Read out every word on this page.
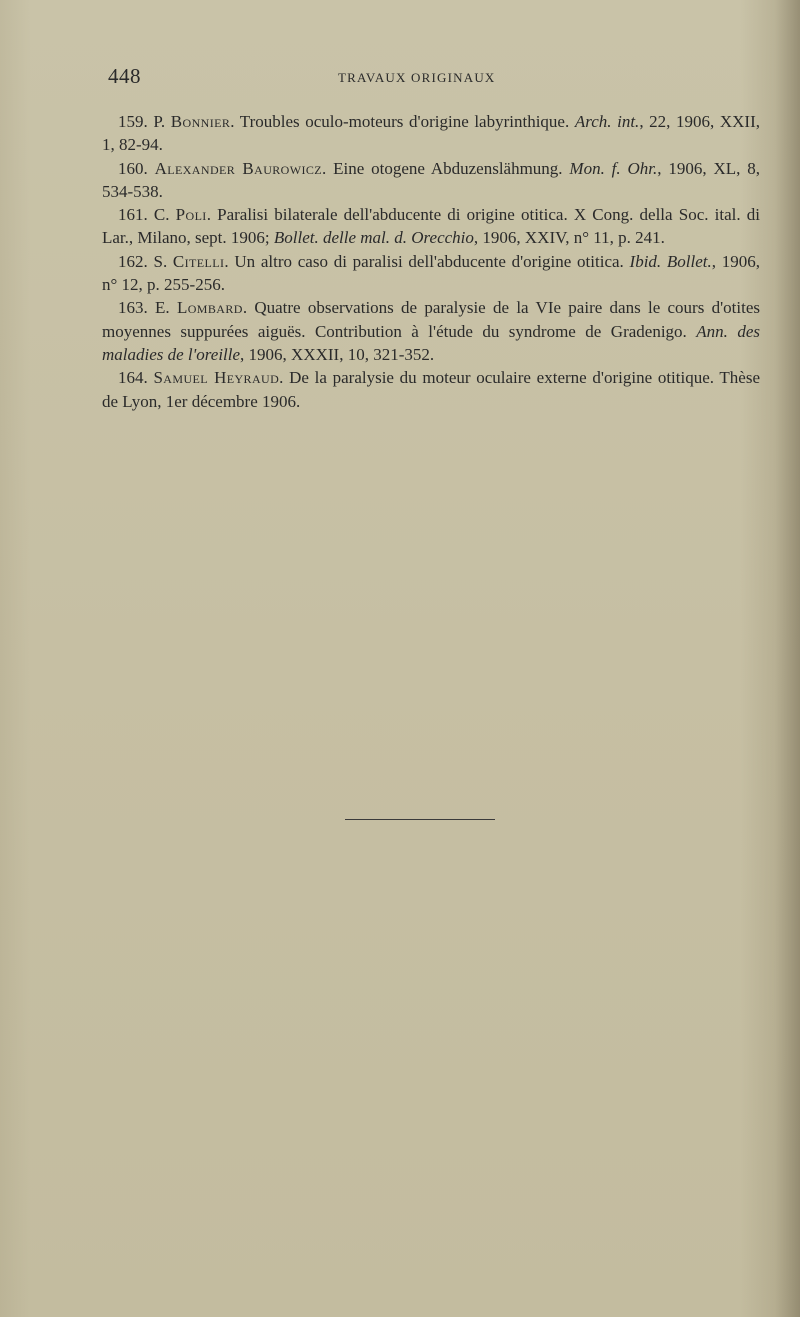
448	TRAVAUX ORIGINAUX

159. P. Bonnier. Troubles oculo-moteurs d'origine labyrinthique. Arch. int., 22, 1906, XXII, 1, 82-94.

160. Alexander Baurowicz. Eine otogene Abduzenslähmung. Mon. f. Ohr., 1906, XL, 8, 534-538.

161. C. Poli. Paralisi bilaterale dell'abducente di origine otitica. X Cong. della Soc. ital. di Lar., Milano, sept. 1906; Bollet. delle mal. d. Orecchio, 1906, XXIV, n° 11, p. 241.

162. S. Citelli. Un altro caso di paralisi dell'abducente d'origine otitica. Ibid. Bollet., 1906, n° 12, p. 255-256.

163. E. Lombard. Quatre observations de paralysie de la VIe paire dans le cours d'otites moyennes suppurées aiguës. Contribution à l'étude du syndrome de Gradenigo. Ann. des maladies de l'oreille, 1906, XXXII, 10, 321-352.

164. Samuel Heyraud. De la paralysie du moteur oculaire externe d'origine otitique. Thèse de Lyon, 1er décembre 1906.
